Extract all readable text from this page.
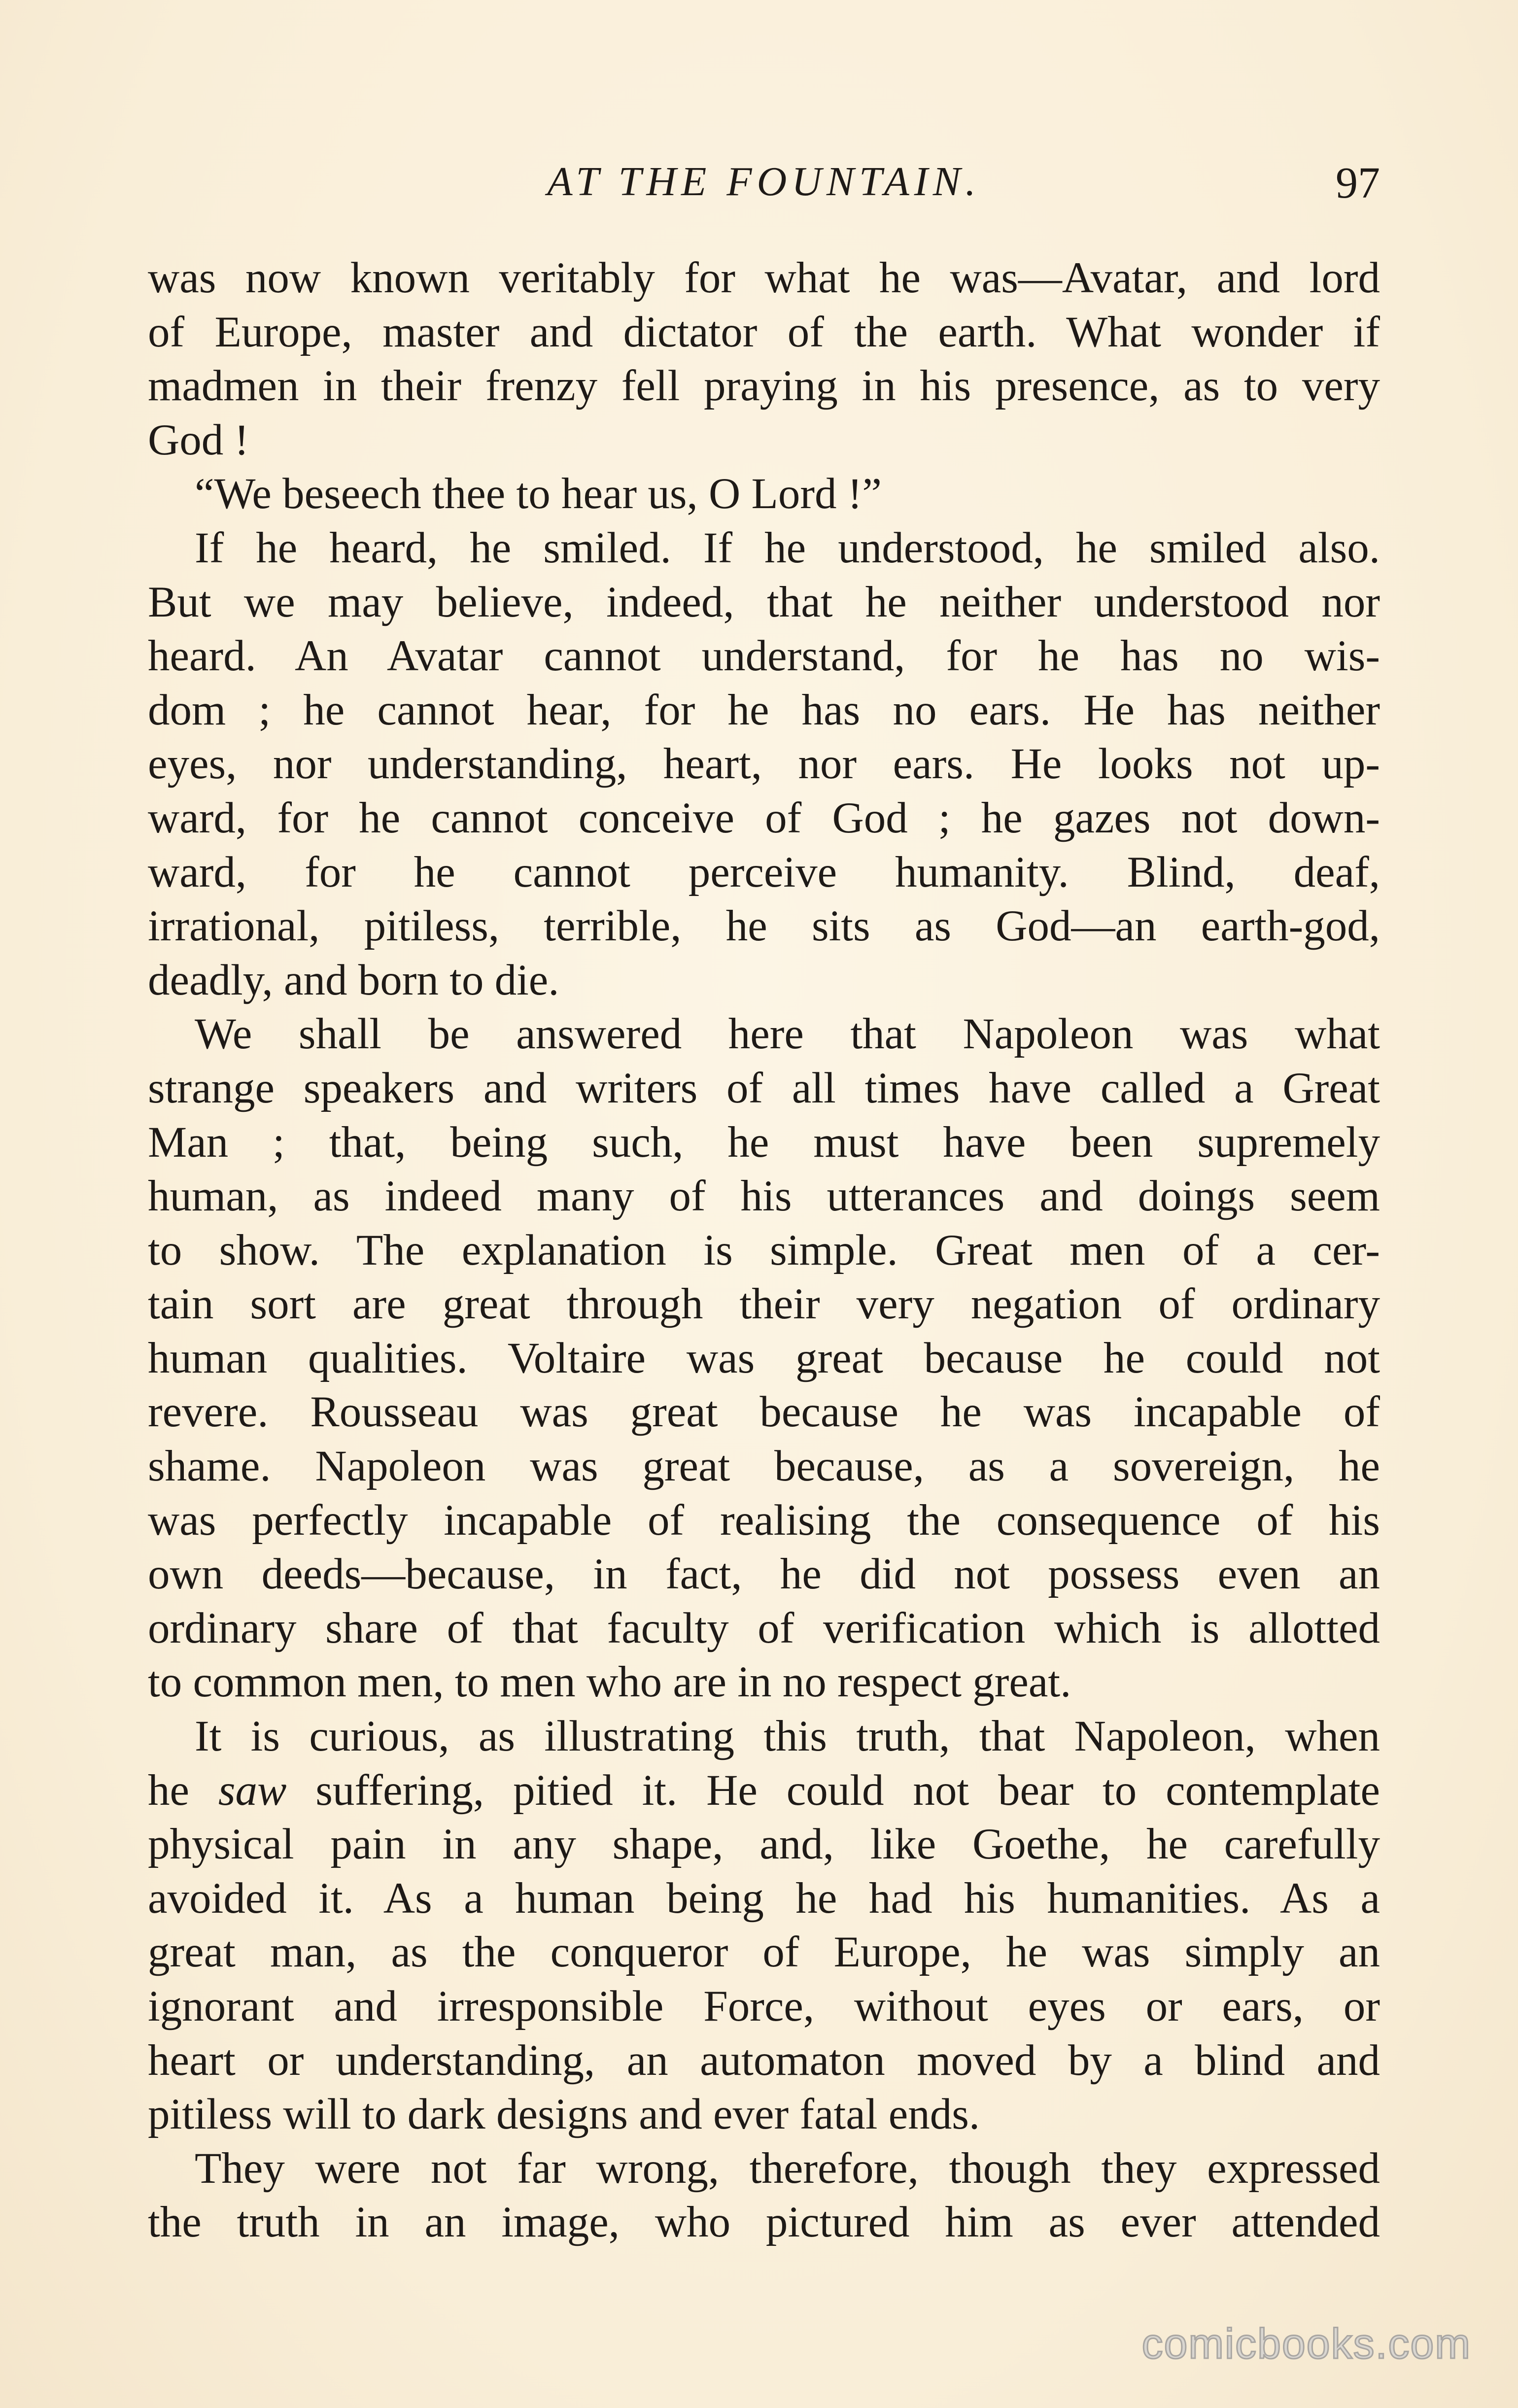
AT THE FOUNTAIN.	97
was now known veritably for what he was—Avatar, and lord
of Europe, master and dictator of the earth. What wonder if
madmen in their frenzy fell praying in his presence, as to very
God !
“We beseech thee to hear us, O Lord !”
If he heard, he smiled. If he understood, he smiled also.
But we may believe, indeed, that he neither understood nor
heard. An Avatar cannot understand, for he has no wis-
dom ; he cannot hear, for he has no ears. He has neither
eyes, nor understanding, heart, nor ears. He looks not up-
ward, for he cannot conceive of God ; he gazes not down-
ward, for he cannot perceive humanity. Blind, deaf,
irrational, pitiless, terrible, he sits as God—an earth-god,
deadly, and born to die.
We shall be answered here that Napoleon was what
strange speakers and writers of all times have called a Great
Man ; that, being such, he must have been supremely
human, as indeed many of his utterances and doings seem
to show. The explanation is simple. Great men of a cer-
tain sort are great through their very negation of ordinary
human qualities. Voltaire was great because he could not
revere. Rousseau was great because he was incapable of
shame. Napoleon was great because, as a sovereign, he
was perfectly incapable of realising the consequence of his
own deeds—because, in fact, he did not possess even an
ordinary share of that faculty of verification which is allotted
to common men, to men who are in no respect great.
It is curious, as illustrating this truth, that Napoleon, when
he saw suffering, pitied it. He could not bear to contemplate
physical pain in any shape, and, like Goethe, he carefully
avoided it. As a human being he had his humanities. As a
great man, as the conqueror of Europe, he was simply an
ignorant and irresponsible Force, without eyes or ears, or
heart or understanding, an automaton moved by a blind and
pitiless will to dark designs and ever fatal ends.
They were not far wrong, therefore, though they expressed
the truth in an image, who pictured him as ever attended
comicbooks.com
